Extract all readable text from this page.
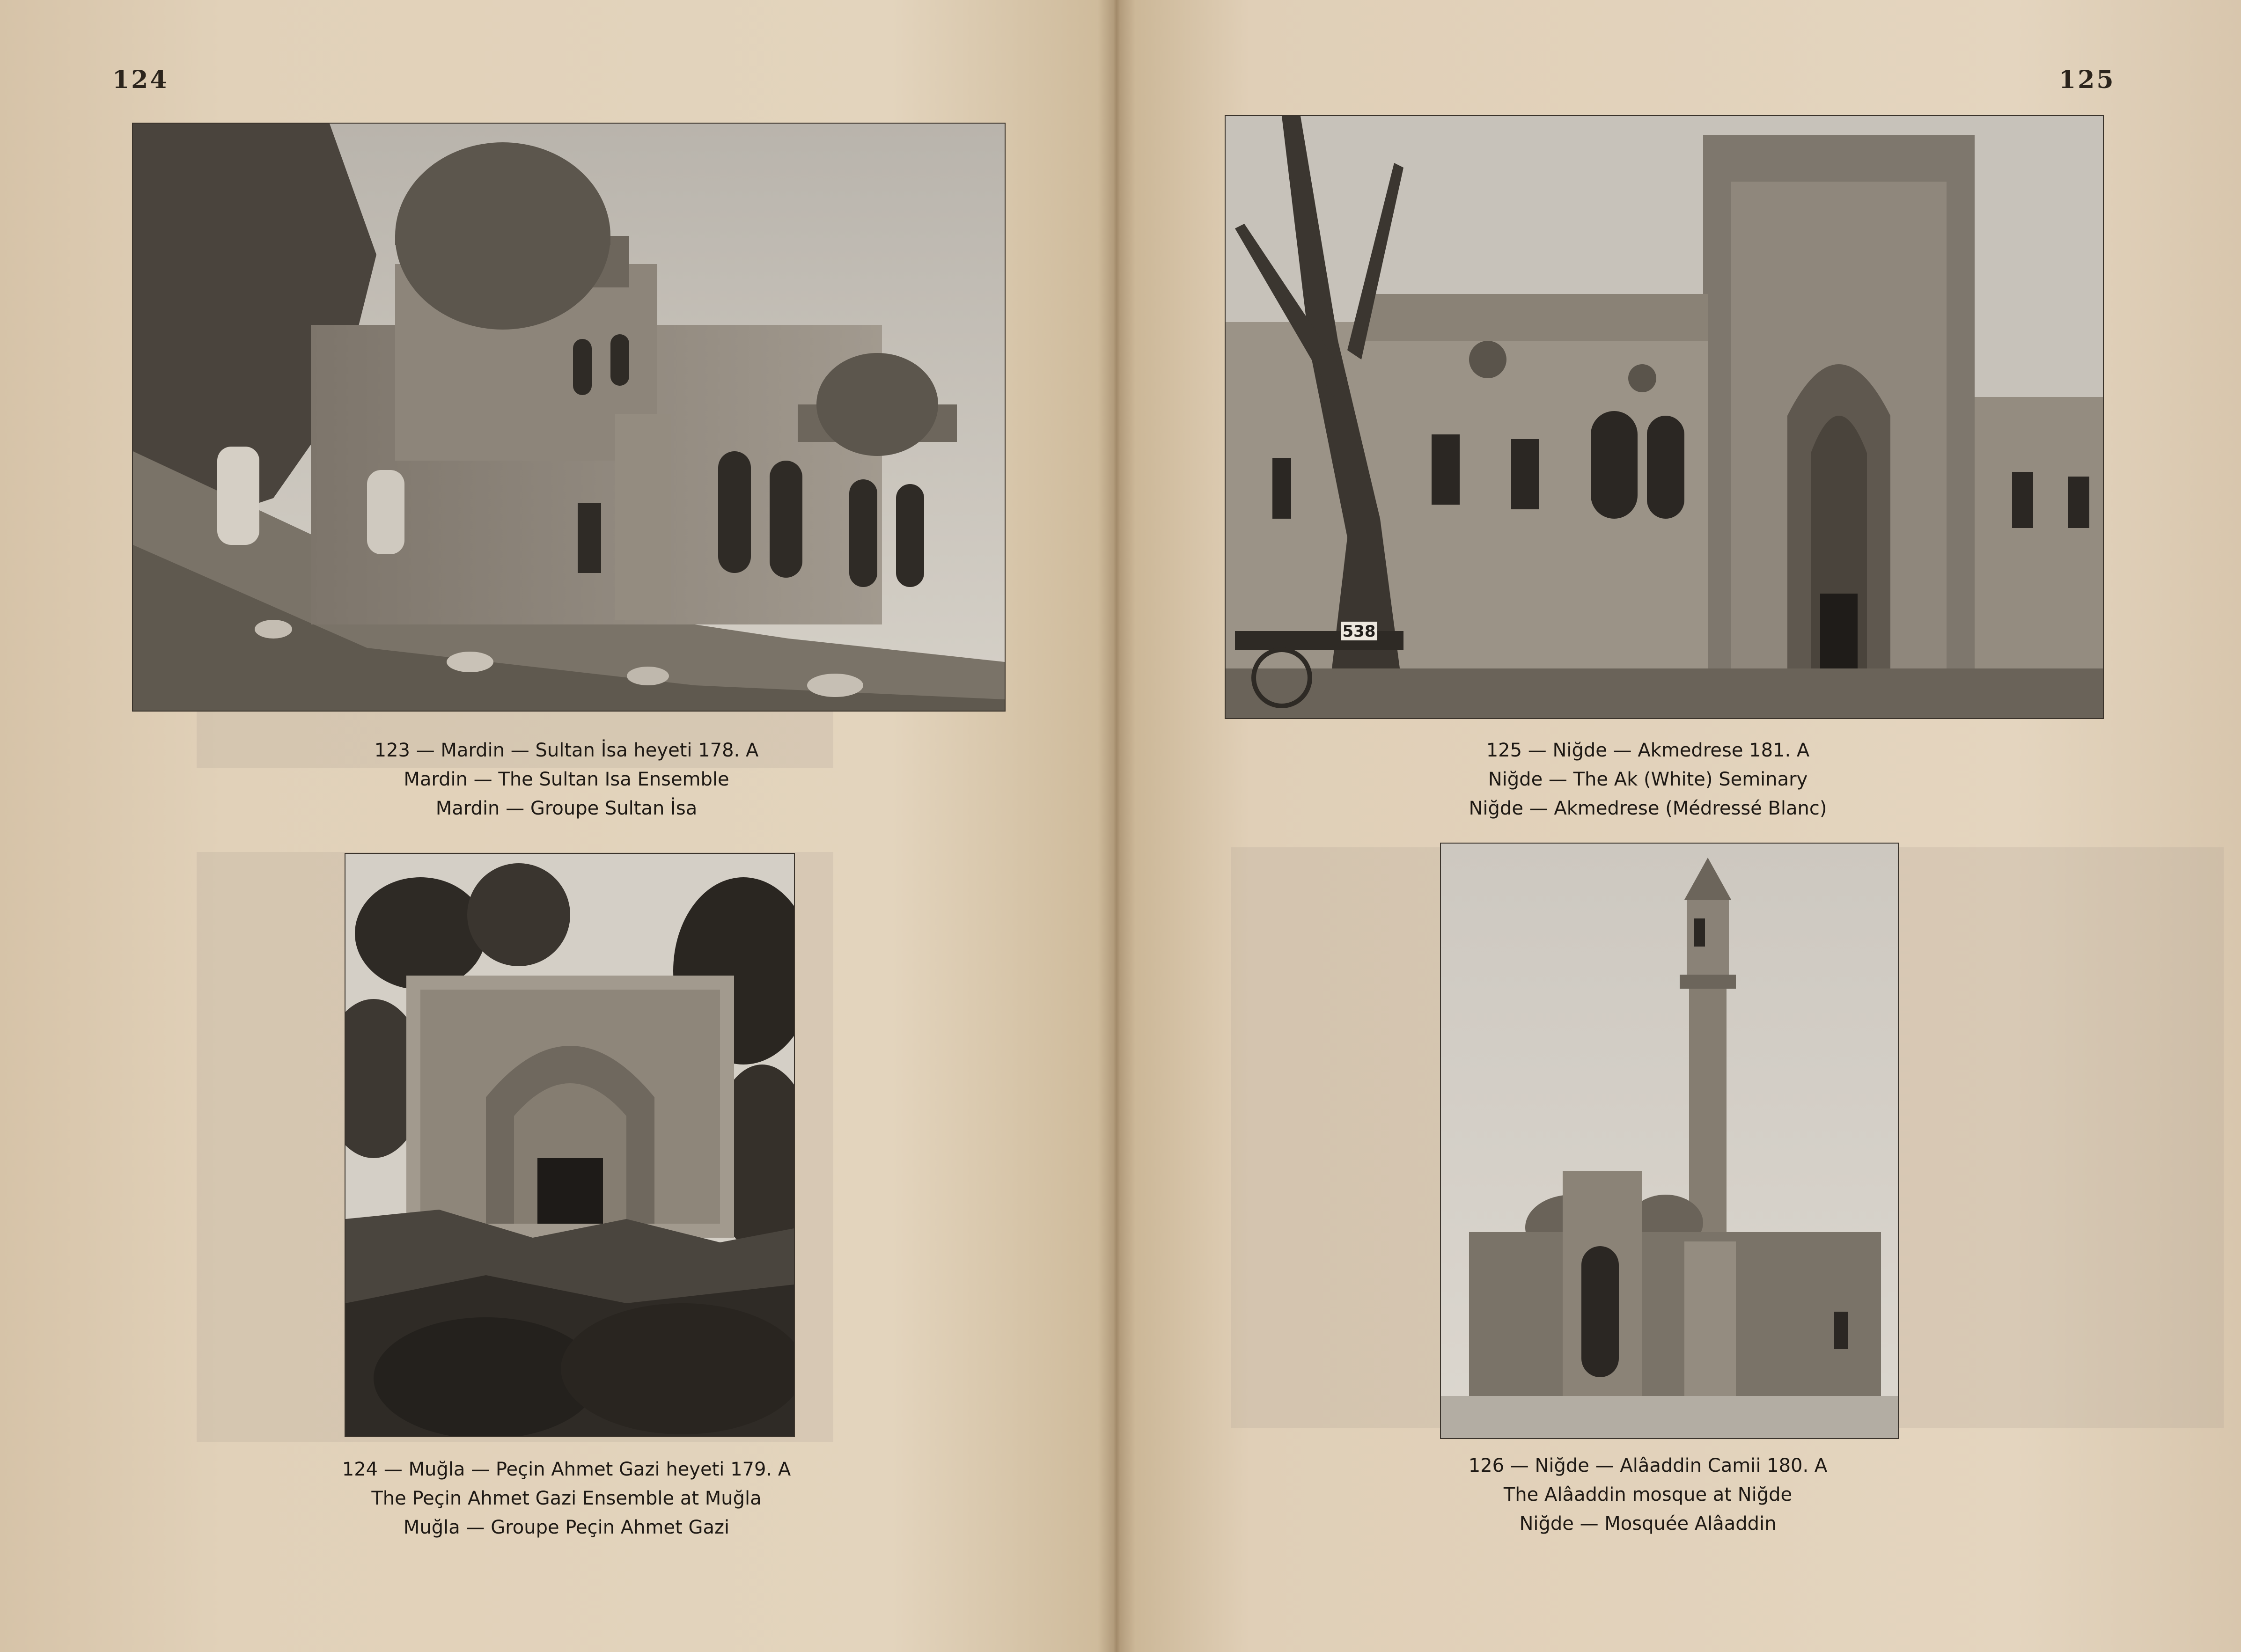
124
123 — Mardin — Sultan İsa heyeti 178. A
Mardin — The Sultan Isa Ensemble
Mardin — Groupe Sultan İsa
124 — Muğla — Peçin Ahmet Gazi heyeti 179. A
The Peçin Ahmet Gazi Ensemble at Muğla
Muğla — Groupe Peçin Ahmet Gazi
125
538
125 — Niğde — Akmedrese 181. A
Niğde — The Ak (White) Seminary
Niğde — Akmedrese (Médressé Blanc)
126 — Niğde — Alâaddin Camii 180. A
The Alâaddin mosque at Niğde
Niğde — Mosquée Alâaddin
